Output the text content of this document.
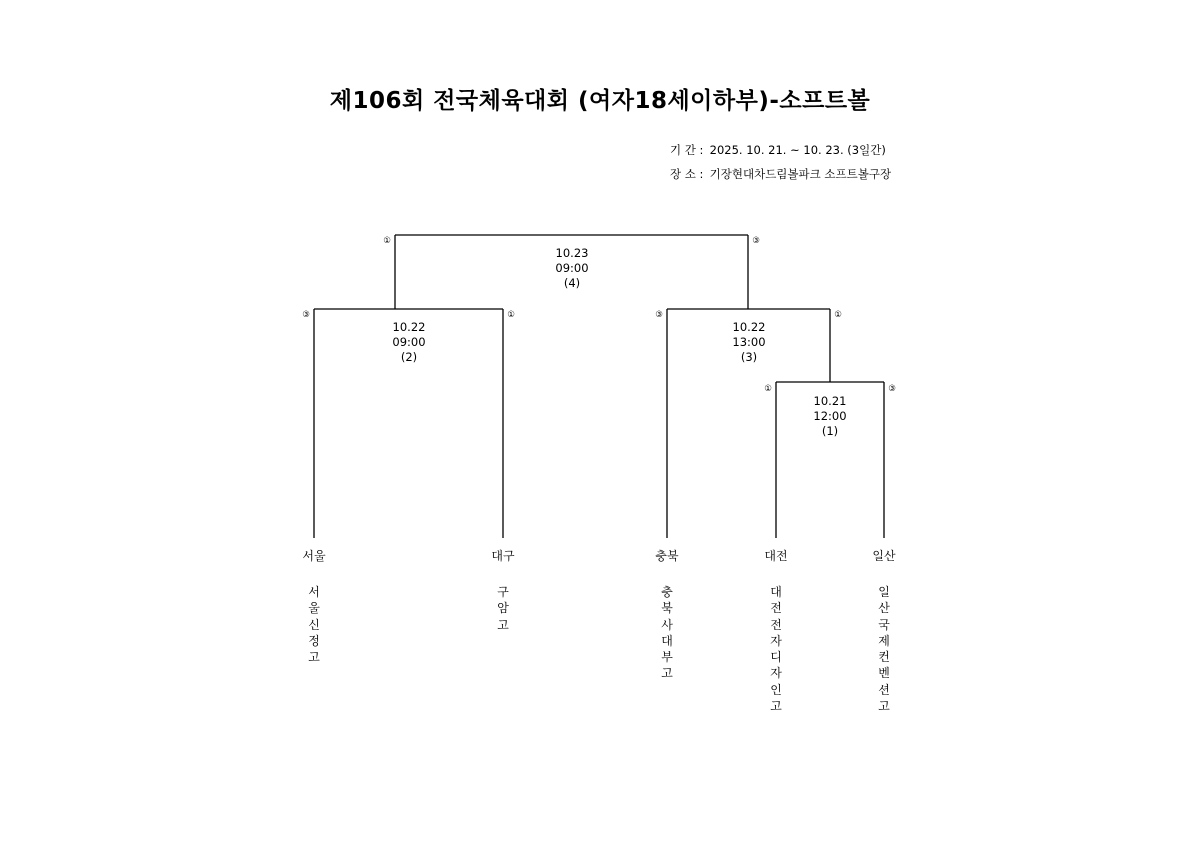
제106회 전국체육대회 (여자18세이하부)-소프트볼
기 간 : 2025. 10. 21. ~ 10. 23. (3일간)
장 소 : 기장현대차드림볼파크 소프트볼구장
①	③
③	①	③	①
①	③
10.23
09:00
(4)
10.22
09:00
(2)
10.22
13:00
(3)
10.21
12:00
(1)
서울	대구	충북	대전	일산
서울신정고
구암고
충북사대부고
대전전자디자인고
일산국제컨벤션고
